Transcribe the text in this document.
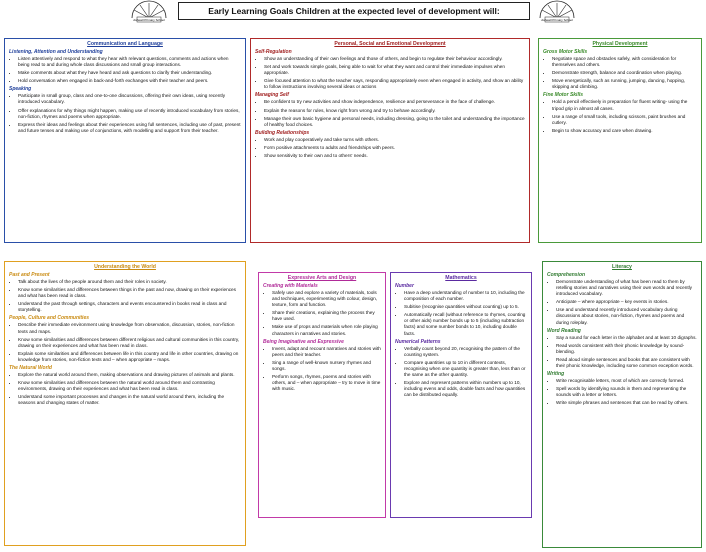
Ashwell Primary School	Ashwell Primary School
Early Learning Goals Children at the expected level of development will:
Communication and Language
Listening, Attention and Understanding
• Listen attentively and respond to what they hear with relevant questions, comments and actions when being read to and during whole class discussions and small group interactions.
• Make comments about what they have heard and ask questions to clarify their understanding.
• Hold conversation when engaged in back-and-forth exchanges with their teacher and peers.
Speaking
• Participate in small group, class and one-to-one discussions, offering their own ideas, using recently introduced vocabulary.
• Offer explanations for why things might happen, making use of recently introduced vocabulary from stories, non-fiction, rhymes and poems when appropriate.
• Express their ideas and feelings about their experiences using full sentences, including use of past, present and future tenses and making use of conjunctions, with modelling and support from their teacher.
Personal, Social and Emotional Development
Self-Regulation
• Show an understanding of their own feelings and those of others, and begin to regulate their behaviour accordingly.
• Set and work towards simple goals, being able to wait for what they want and control their immediate impulses when appropriate.
• Give focused attention to what the teacher says, responding appropriately even when engaged in activity, and show an ability to follow instructions involving several ideas or actions
Managing Self
• Be confident to try new activities and show independence, resilience and perseverance in the face of challenge.
• Explain the reasons for rules, know right from wrong and try to behave accordingly.
• Manage their own basic hygiene and personal needs, including dressing, going to the toilet and understanding the importance of healthy food choices.
Building Relationships
• Work and play cooperatively and take turns with others.
• Form positive attachments to adults and friendships with peers.
• Show sensitivity to their own and to others' needs.
Physical Development
Gross Motor Skills
• Negotiate space and obstacles safely, with consideration for themselves and others.
• Demonstrate strength, balance and coordination when playing.
• Move energetically, such as running, jumping, dancing, hopping, skipping and climbing.
Fine Motor Skills
• Hold a pencil effectively in preparation for fluent writing- using the tripod grip in almost all cases.
• Use a range of small tools, including scissors, paint brushes and cutlery.
• Begin to show accuracy and care when drawing.
Understanding the World
Past and Present
• Talk about the lives of the people around them and their roles in society.
• Know some similarities and differences between things in the past and now, drawing on their experiences and what has been read in class.
• Understand the past through settings, characters and events encountered in books read in class and storytelling.
People, Culture and Communities
• Describe their immediate environment using knowledge from observation, discussion, stories, non-fiction texts and maps.
• Know some similarities and differences between different religious and cultural communities in this country, drawing on their experiences and what has been read in class.
• Explain some similarities and differences between life in this country and life in other countries, drawing on knowledge from stories, non-fiction texts and – when appropriate – maps.
The Natural World
• Explore the natural world around them, making observations and drawing pictures of animals and plants.
• Know some similarities and differences between the natural world around them and contrasting environments, drawing on their experiences and what has been read in class.
• Understand some important processes and changes in the natural world around them, including the seasons and changing states of matter.
Expressive Arts and Design
Creating with Materials
• Safely use and explore a variety of materials, tools and techniques, experimenting with colour, design, texture, form and function.
• Share their creations, explaining the process they have used.
• Make use of props and materials when role playing characters in narratives and stories.
Being Imaginative and Expressive
• Invent, adapt and recount narratives and stories with peers and their teacher.
• Sing a range of well-known nursery rhymes and songs.
• Perform songs, rhymes, poems and stories with others, and – when appropriate – try to move in time with music.
Mathematics
Number
• Have a deep understanding of number to 10, including the composition of each number.
• Subitise (recognise quantities without counting) up to 5.
• Automatically recall (without reference to rhymes, counting or other aids) number bonds up to 5 (including subtraction facts) and some number bonds to 10, including double facts.
Numerical Patterns
• Verbally count beyond 20, recognising the pattern of the counting system.
• Compare quantities up to 10 in different contexts, recognising when one quantity is greater than, less than or the same as the other quantity.
• Explore and represent patterns within numbers up to 10, including evens and odds, double facts and how quantities can be distributed equally.
Literacy
Comprehension
• Demonstrate understanding of what has been read to them by retelling stories and narratives using their own words and recently introduced vocabulary.
• Anticipate – where appropriate – key events in stories.
• Use and understand recently introduced vocabulary during discussions about stories, non-fiction, rhymes and poems and during roleplay.
Word Reading
• Say a sound for each letter in the alphabet and at least 10 digraphs.
• Read words consistent with their phonic knowledge by sound-blending.
• Read aloud simple sentences and books that are consistent with their phonic knowledge, including some common exception words.
Writing
• Write recognisable letters, most of which are correctly formed.
• Spell words by identifying sounds in them and representing the sounds with a letter or letters.
• Write simple phrases and sentences that can be read by others.
